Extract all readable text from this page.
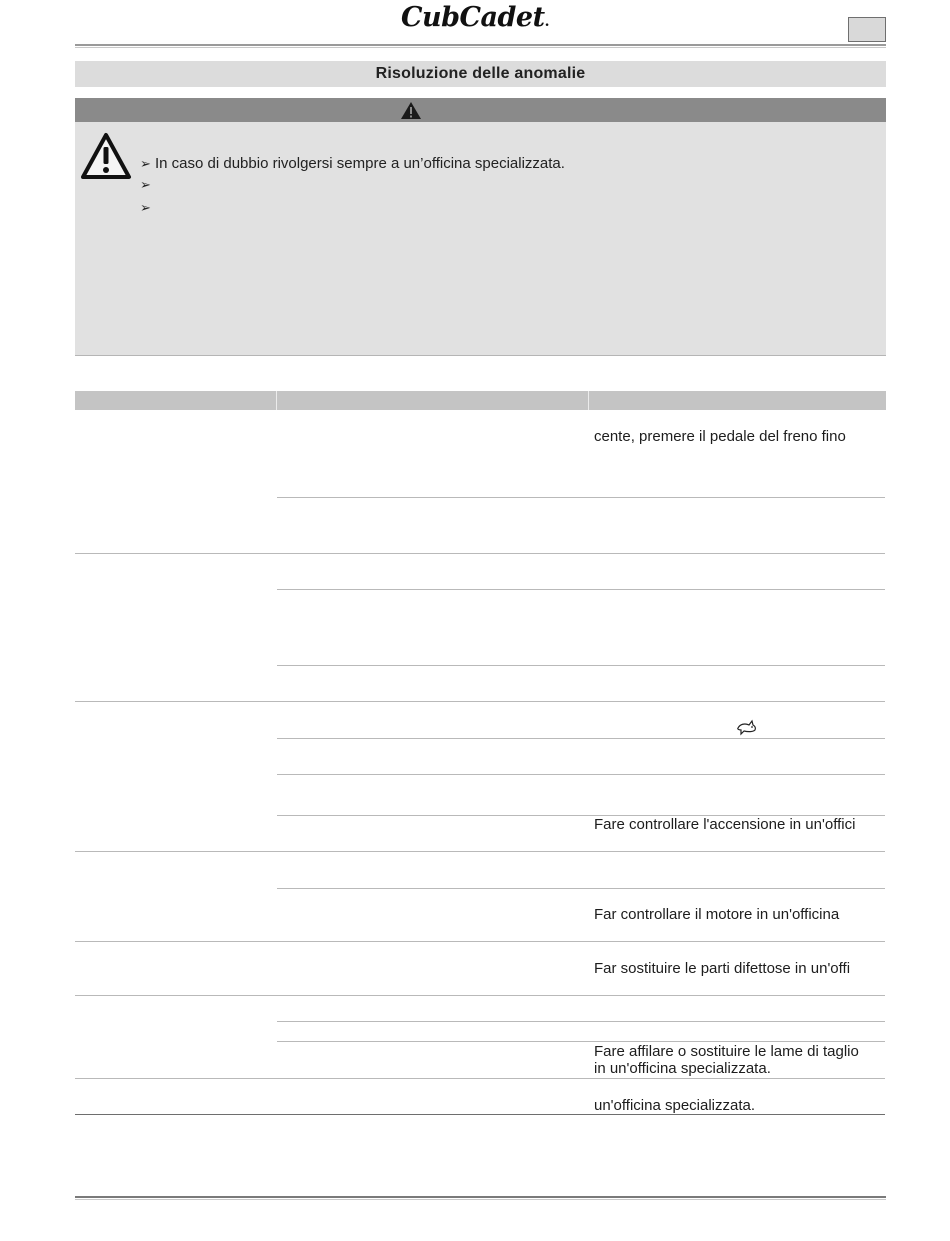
CubCadet.
Risoluzione delle anomalie
➢ In caso di dubbio rivolgersi sempre a un’officina specializzata.
➢
➢
cente, premere il pedale del freno fino
Fare controllare l'accensione in un'offici
Far controllare il motore in un'officina
Far sostituire le parti difettose in un'offi
Fare affilare o sostituire le lame di taglio
in un'officina specializzata.
un'officina specializzata.
